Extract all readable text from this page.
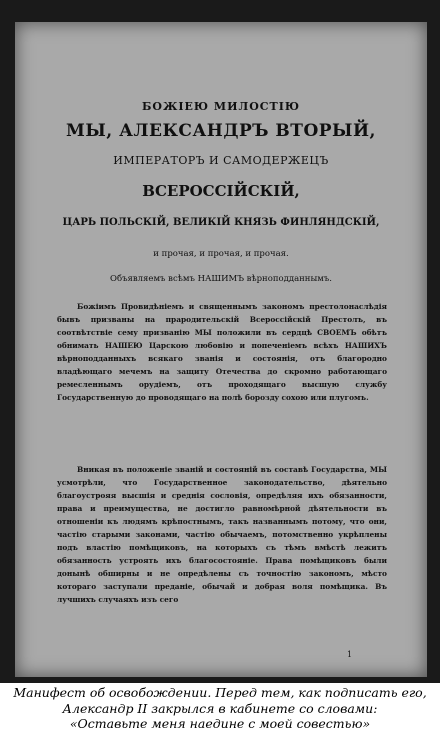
БОЖІЕЮ МИЛОСТІЮ
МЫ, АЛЕКСАНДРЪ ВТОРЫЙ,
ИМПЕРАТОРЪ И САМОДЕРЖЕЦЪ
ВСЕРОССІЙСКІЙ,
ЦАРЬ ПОЛЬСКІЙ, ВЕЛИКІЙ КНЯЗЬ ФИНЛЯНДСКІЙ,
и прочая, и прочая, и прочая.
Объявляемъ всѣмъ НАШИМЪ вѣрноподданнымъ.

Божіимъ Провидѣніемъ и священнымъ закономъ престолонаслѣдія бывъ призваны на прародительскій Всероссійскій Престолъ, въ соотвѣтствіе сему призванію МЫ положили въ сердцѣ СВОЕМЪ обѣтъ обнимать НАШЕЮ Царскою любовію и попеченіемъ всѣхъ НАШИХЪ вѣрноподданныхъ всякаго званія и состоянія, отъ благородно владѣющаго мечемъ на защиту Отечества до скромно работающаго ремесленнымъ орудіемъ, отъ проходящаго высшую службу Государственную до проводящаго на полѣ бороздy сохою или плугомъ.

Вникая въ положеніе званій и состояній въ составѣ Государства, МЫ усмотрѣли, что Государственное законодательство, дѣятельно благоустрояя высшія и среднія сословія, опредѣляя ихъ обязанности, права и преимущества, не достигло равномѣрной дѣятельности въ отношеніи къ людямъ крѣпостнымъ, такъ названнымъ потому, что они, частію старыми законами, частію обычаемъ, потомственно укрѣплены подъ властію помѣщиковъ, на которыхъ съ тѣмъ вмѣстѣ лежитъ обязанность устроять ихъ благосостояніе. Права помѣщиковъ были донынѣ обширны и не опредѣлены съ точностію закономъ, мѣсто котораго заступали преданіе, обычай и добрая воля помѣщика. Въ лучшихъ случаяхъ изъ сего

1
Манифест об освобождении. Перед тем, как подписать его,
Александр II закрылся в кабинете со словами:
«Оставьте меня наедине с моей совестью»
